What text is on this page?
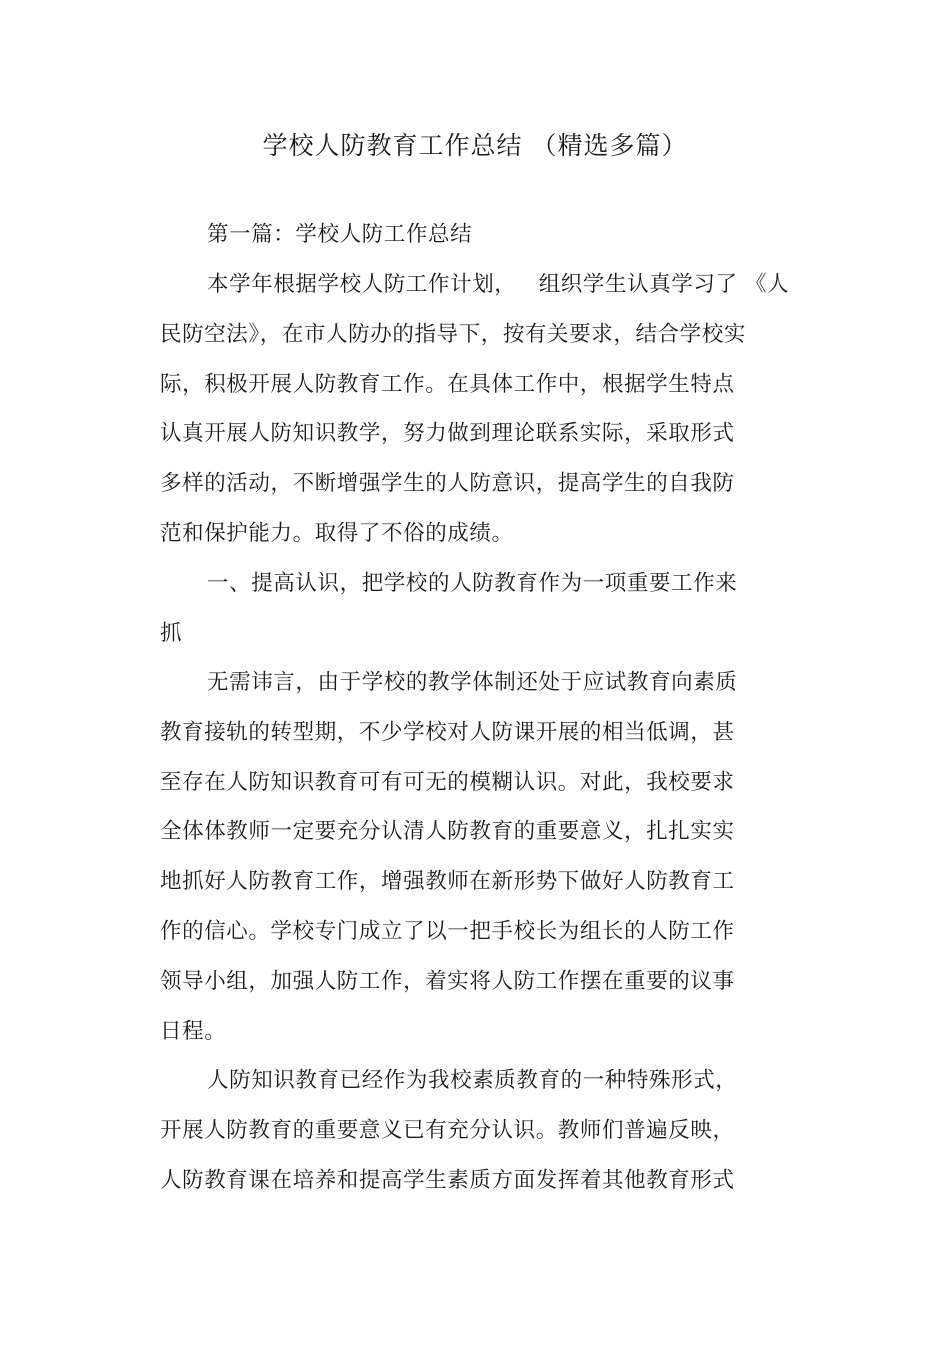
学校人防教育工作总结 （精选多篇）
第一篇：学校人防工作总结
本学年根据学校人防工作计划，   组织学生认真学习了 《人
民防空法》，在市人防办的指导下，按有关要求，结合学校实
际，积极开展人防教育工作。在具体工作中，根据学生特点
认真开展人防知识教学，努力做到理论联系实际，采取形式
多样的活动，不断增强学生的人防意识，提高学生的自我防
范和保护能力。取得了不俗的成绩。
一、提高认识，把学校的人防教育作为一项重要工作来
抓
无需讳言，由于学校的教学体制还处于应试教育向素质
教育接轨的转型期，不少学校对人防课开展的相当低调，甚
至存在人防知识教育可有可无的模糊认识。对此，我校要求
全体体教师一定要充分认清人防教育的重要意义，扎扎实实
地抓好人防教育工作，增强教师在新形势下做好人防教育工
作的信心。学校专门成立了以一把手校长为组长的人防工作
领导小组，加强人防工作，着实将人防工作摆在重要的议事
日程。
人防知识教育已经作为我校素质教育的一种特殊形式，
开展人防教育的重要意义已有充分认识。教师们普遍反映，
人防教育课在培养和提高学生素质方面发挥着其他教育形式
